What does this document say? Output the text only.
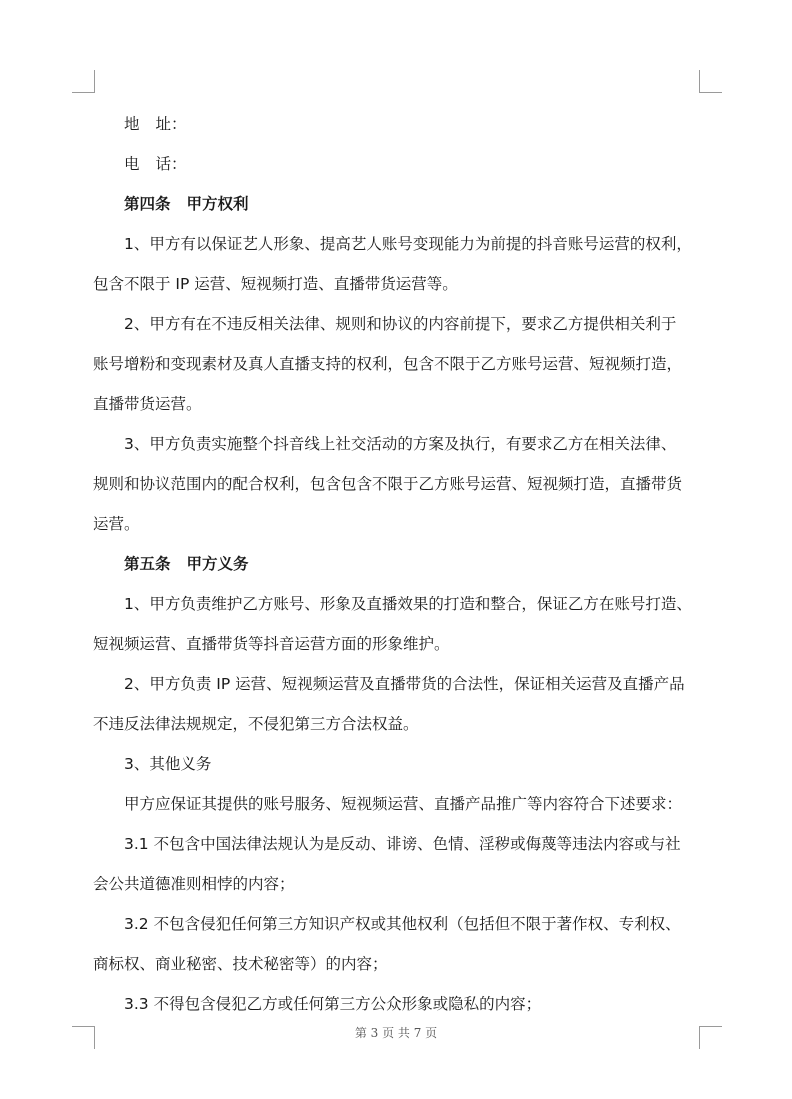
地 址：
电 话：
第四条 甲方权利
1、甲方有以保证艺人形象、提高艺人账号变现能力为前提的抖音账号运营的权利，
包含不限于 IP 运营、短视频打造、直播带货运营等。
2、甲方有在不违反相关法律、规则和协议的内容前提下，要求乙方提供相关利于
账号增粉和变现素材及真人直播支持的权利，包含不限于乙方账号运营、短视频打造，
直播带货运营。
3、甲方负责实施整个抖音线上社交活动的方案及执行，有要求乙方在相关法律、
规则和协议范围内的配合权利，包含包含不限于乙方账号运营、短视频打造，直播带货
运营。
第五条 甲方义务
1、甲方负责维护乙方账号、形象及直播效果的打造和整合，保证乙方在账号打造、
短视频运营、直播带货等抖音运营方面的形象维护。
2、甲方负责 IP 运营、短视频运营及直播带货的合法性，保证相关运营及直播产品
不违反法律法规规定，不侵犯第三方合法权益。
3、其他义务
甲方应保证其提供的账号服务、短视频运营、直播产品推广等内容符合下述要求：
3.1 不包含中国法律法规认为是反动、诽谤、色情、淫秽或侮蔑等违法内容或与社
会公共道德准则相悖的内容；
3.2 不包含侵犯任何第三方知识产权或其他权利（包括但不限于著作权、专利权、
商标权、商业秘密、技术秘密等）的内容；
3.3 不得包含侵犯乙方或任何第三方公众形象或隐私的内容；
第 3 页 共 7 页
